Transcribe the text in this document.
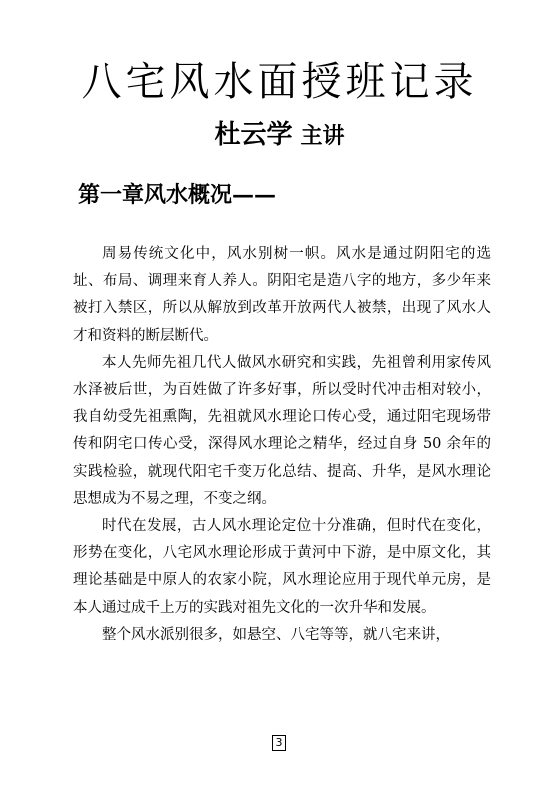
八宅风水面授班记录
杜云学 主讲
第一章风水概况——

周易传统文化中，风水别树一帜。风水是通过阴阳宅的选址、布局、调理来育人养人。阴阳宅是造八字的地方，多少年来被打入禁区，所以从解放到改革开放两代人被禁，出现了风水人才和资料的断层断代。

本人先师先祖几代人做风水研究和实践，先祖曾利用家传风水泽被后世，为百姓做了许多好事，所以受时代冲击相对较小，我自幼受先祖熏陶，先祖就风水理论口传心受，通过阳宅现场带传和阴宅口传心受，深得风水理论之精华，经过自身 50 余年的实践检验，就现代阳宅千变万化总结、提高、升华，是风水理论思想成为不易之理，不变之纲。

时代在发展，古人风水理论定位十分准确，但时代在变化，形势在变化，八宅风水理论形成于黄河中下游，是中原文化，其理论基础是中原人的农家小院，风水理论应用于现代单元房，是本人通过成千上万的实践对祖先文化的一次升华和发展。

整个风水派别很多，如悬空、八宅等等，就八宅来讲，

3
